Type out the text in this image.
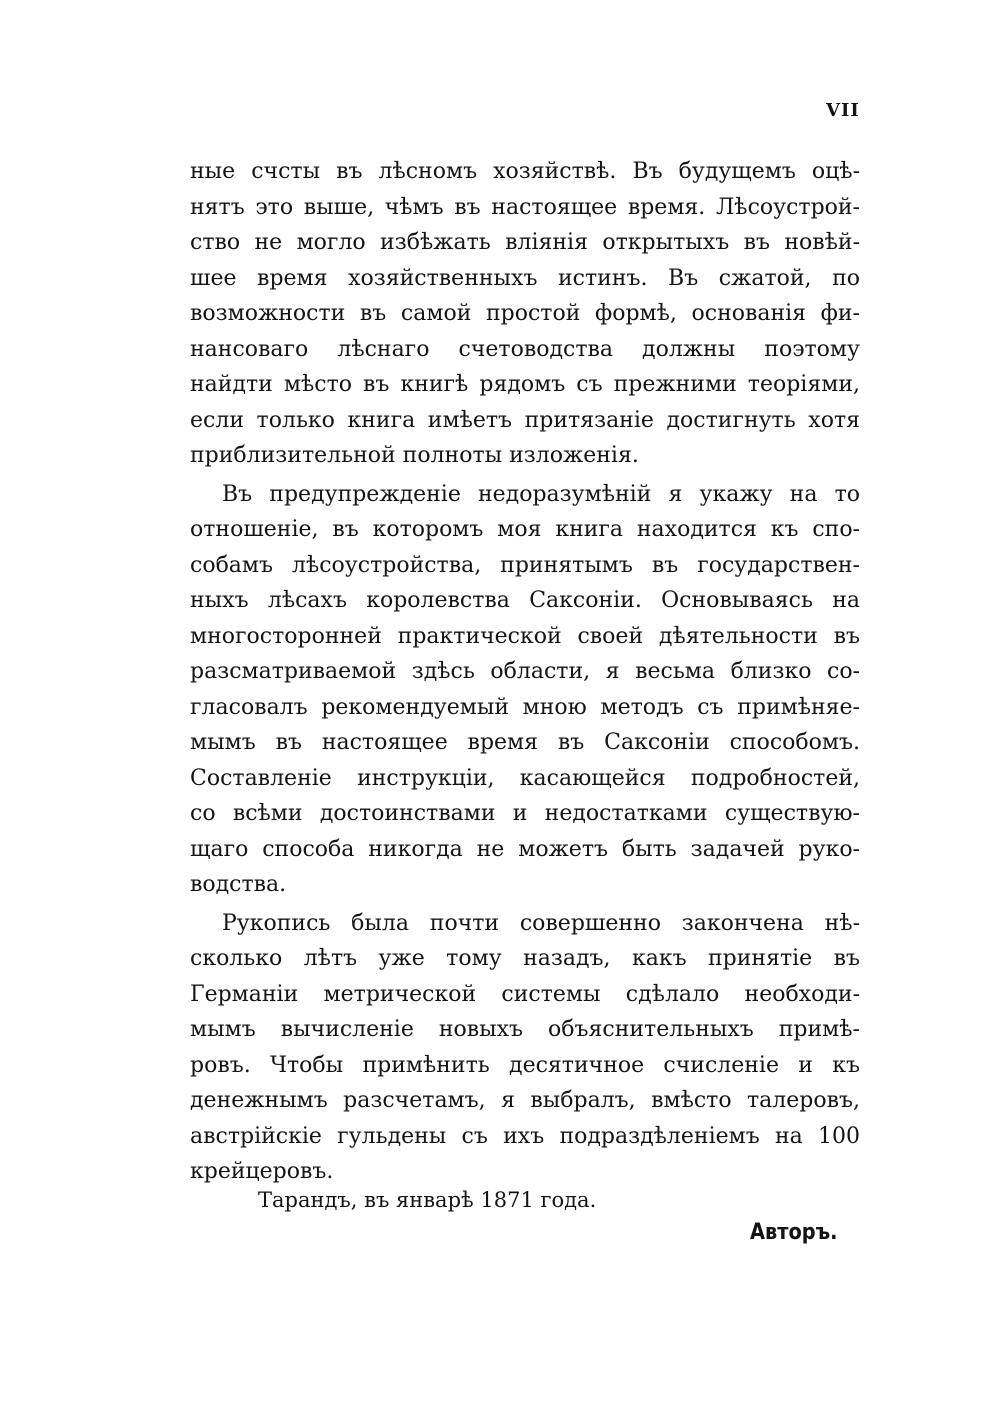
VII
ные счсты въ лѣсномъ хозяйствѣ. Въ будущемъ оцѣ-
нятъ это выше, чѣмъ въ настоящее время. Лѣсоустрой-
ство не могло избѣжать вліянія открытыхъ въ новѣй-
шее время хозяйственныхъ истинъ. Въ сжатой, по
возможности въ самой простой формѣ, основанія фи-
нансоваго лѣснаго счетоводства должны поэтому
найдти мѣсто въ книгѣ рядомъ съ прежними теоріями,
если только книга имѣетъ притязаніе достигнуть хотя
приблизительной полноты изложенія.
Въ предупрежденіе недоразумѣній я укажу на то
отношеніе, въ которомъ моя книга находится къ спо-
собамъ лѣсоустройства, принятымъ въ государствен-
ныхъ лѣсахъ королевства Саксоніи. Основываясь на
многосторонней практической своей дѣятельности въ
разсматриваемой здѣсь области, я весьма близко со-
гласовалъ рекомендуемый мною методъ съ примѣняе-
мымъ въ настоящее время въ Саксоніи способомъ.
Составленіе инструкціи, касающейся подробностей,
со всѣми достоинствами и недостатками существую-
щаго способа никогда не можетъ быть задачей руко-
водства.
Рукопись была почти совершенно закончена нѣ-
сколько лѣтъ уже тому назадъ, какъ принятіе въ
Германіи метрической системы сдѣлало необходи-
мымъ вычисленіе новыхъ объяснительныхъ примѣ-
ровъ. Чтобы примѣнить десятичное счисленіе и къ
денежнымъ разсчетамъ, я выбралъ, вмѣсто талеровъ,
австрійскіе гульдены съ ихъ подраздѣленіемъ на 100
крейцеровъ.
Тарандъ, въ январѣ 1871 года.
Авторъ.
